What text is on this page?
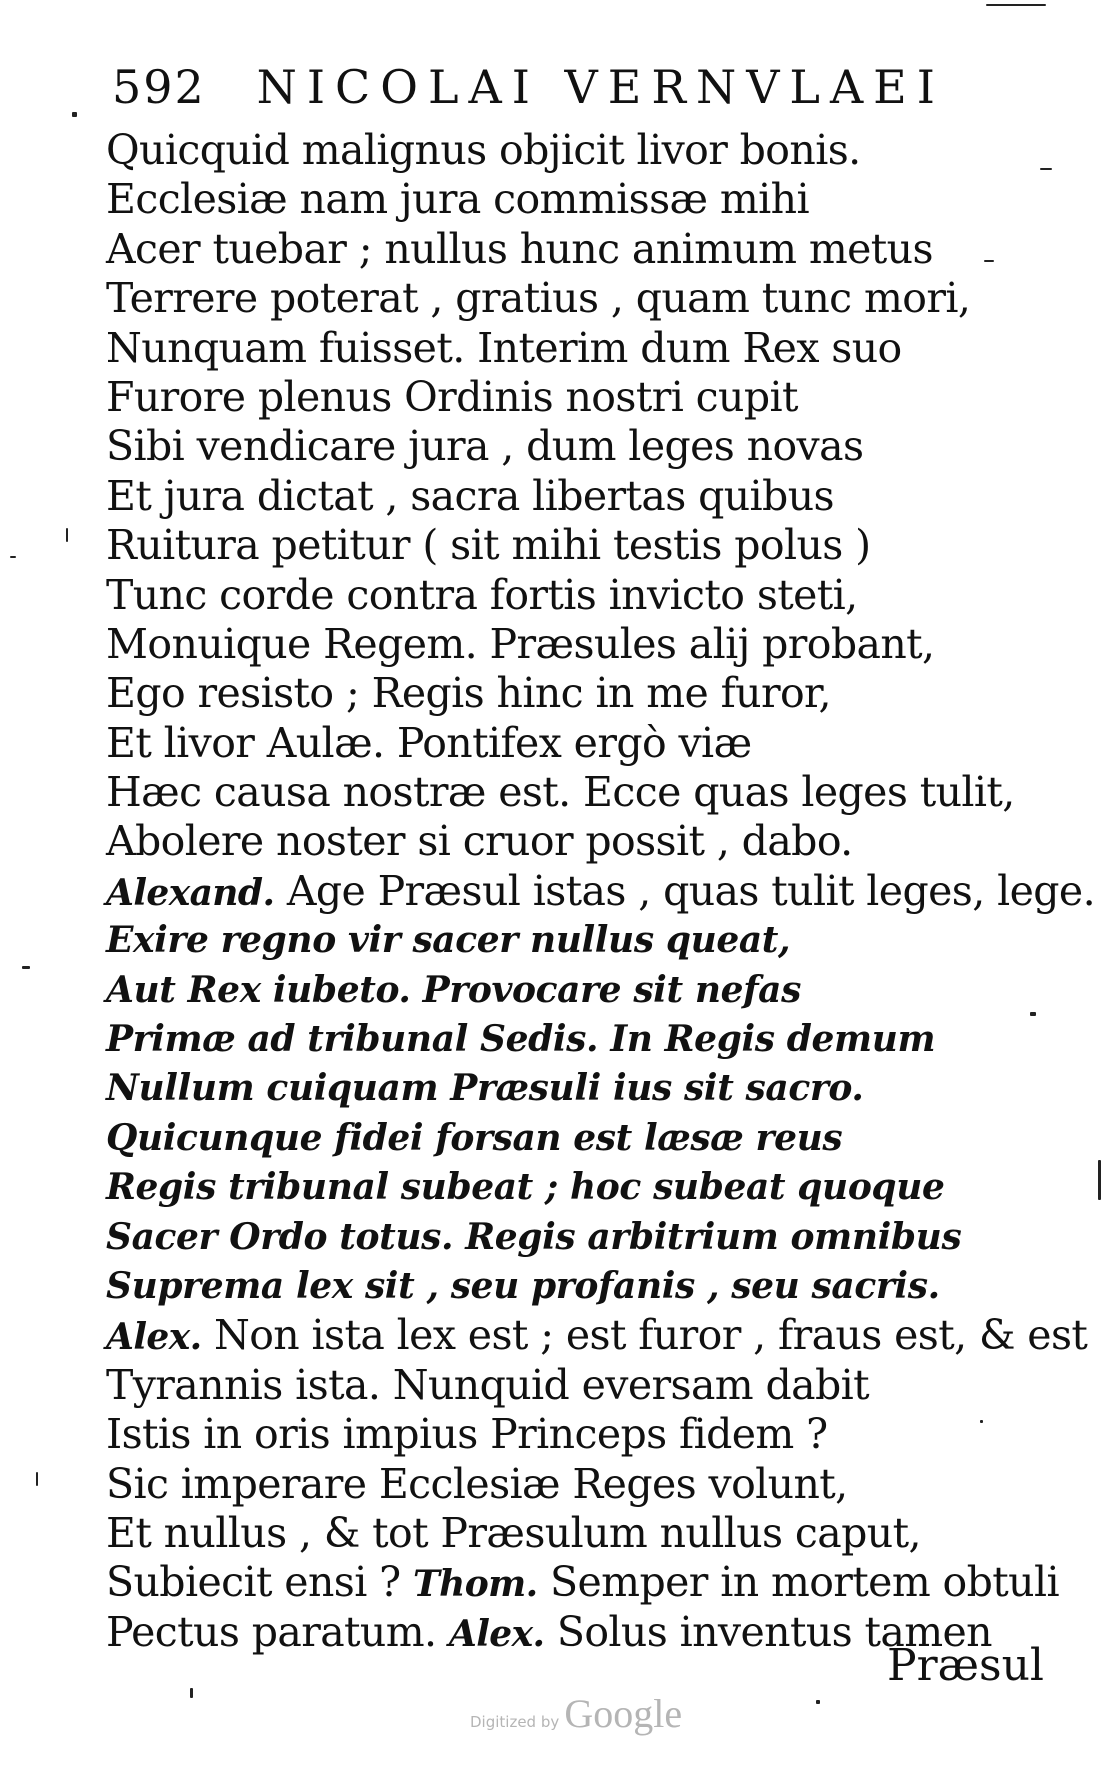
592 NICOLAI VERNVLAEI
Quicquid malignus objicit livor bonis.
Ecclesiæ nam jura commissæ mihi
Acer tuebar ; nullus hunc animum metus
Terrere poterat , gratius , quam tunc mori,
Nunquam fuisset. Interim dum Rex suo
Furore plenus Ordinis nostri cupit
Sibi vendicare jura , dum leges novas
Et jura dictat , sacra libertas quibus
Ruitura petitur ( sit mihi testis polus )
Tunc corde contra fortis invicto steti,
Monuique Regem. Præsules alij probant,
Ego resisto ; Regis hinc in me furor,
Et livor Aulæ. Pontifex ergò viæ
Hæc causa nostræ est. Ecce quas leges tulit,
Abolere noster si cruor possit , dabo.
Alexand. Age Præsul istas , quas tulit leges, lege.
Exire regno vir sacer nullus queat,
Aut Rex iubeto. Provocare sit nefas
Primæ ad tribunal Sedis. In Regis demum
Nullum cuiquam Præsuli ius sit sacro.
Quicunque fidei forsan est læsæ reus
Regis tribunal subeat ; hoc subeat quoque
Sacer Ordo totus. Regis arbitrium omnibus
Suprema lex sit , seu profanis , seu sacris.
Alex. Non ista lex est ; est furor , fraus est, & est
Tyrannis ista. Nunquid eversam dabit
Istis in oris impius Princeps fidem ?
Sic imperare Ecclesiæ Reges volunt,
Et nullus , & tot Præsulum nullus caput,
Subiecit ensi ? Thom. Semper in mortem obtuli
Pectus paratum. Alex. Solus inventus tamen
Præsul
Digitized by Google
